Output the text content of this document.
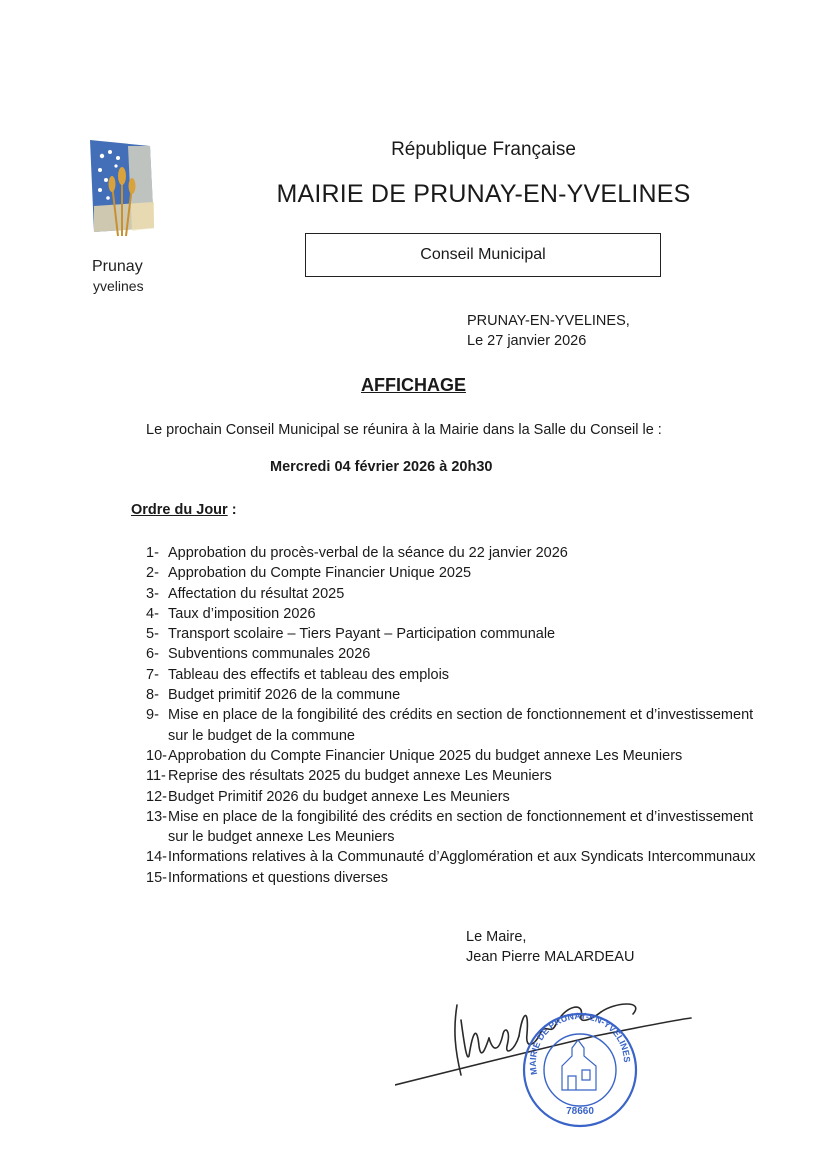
Prunay
yvelines
République Française
MAIRIE DE PRUNAY-EN-YVELINES
Conseil Municipal
PRUNAY-EN-YVELINES,
Le 27 janvier 2026
AFFICHAGE
Le prochain Conseil Municipal se réunira à la Mairie dans la Salle du Conseil le :
Mercredi 04 février 2026 à 20h30
Ordre du Jour :
1- Approbation du procès-verbal de la séance du 22 janvier 2026
2- Approbation du Compte Financier Unique 2025
3- Affectation du résultat 2025
4- Taux d’imposition 2026
5- Transport scolaire – Tiers Payant – Participation communale
6- Subventions communales 2026
7- Tableau des effectifs et tableau des emplois
8- Budget primitif 2026 de la commune
9- Mise en place de la fongibilité des crédits en section de fonctionnement et d’investissement sur le budget de la commune
10- Approbation du Compte Financier Unique 2025 du budget annexe Les Meuniers
11- Reprise des résultats 2025 du budget annexe Les Meuniers
12- Budget Primitif 2026 du budget annexe Les Meuniers
13- Mise en place de la fongibilité des crédits en section de fonctionnement et d’investissement sur le budget annexe Les Meuniers
14- Informations relatives à la Communauté d’Agglomération et aux Syndicats Intercommunaux
15- Informations et questions diverses
Le Maire,
Jean Pierre MALARDEAU
MAIRIE DE PRUNAY-EN-YVELINES
78660
